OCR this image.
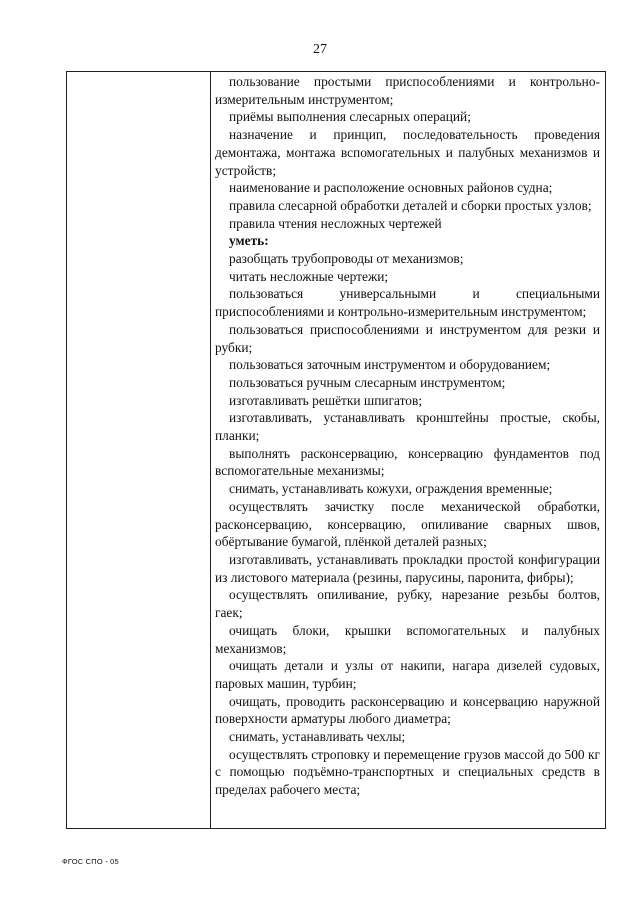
27

пользование простыми приспособлениями и контрольно-измерительным инструментом;

приёмы выполнения слесарных операций;

назначение и принцип, последовательность проведения демонтажа, монтажа вспомогательных и палубных механизмов и устройств;

наименование и расположение основных районов судна;

правила слесарной обработки деталей и сборки простых узлов;

правила чтения несложных чертежей

уметь:

разобщать трубопроводы от механизмов;

читать несложные чертежи;

пользоваться универсальными и специальными приспособлениями и контрольно-измерительным инструментом;

пользоваться приспособлениями и инструментом для резки и рубки;

пользоваться заточным инструментом и оборудованием;

пользоваться ручным слесарным инструментом;

изготавливать решётки шпигатов;

изготавливать, устанавливать кронштейны простые, скобы, планки;

выполнять расконсервацию, консервацию фундаментов под вспомогательные механизмы;

снимать, устанавливать кожухи, ограждения временные;

осуществлять зачистку после механической обработки, расконсервацию, консервацию, опиливание сварных швов, обёртывание бумагой, плёнкой деталей разных;

изготавливать, устанавливать прокладки простой конфигурации из листового материала (резины, парусины, паронита, фибры);

осуществлять опиливание, рубку, нарезание резьбы болтов, гаек;

очищать блоки, крышки вспомогательных и палубных механизмов;

очищать детали и узлы от накипи, нагара дизелей судовых, паровых машин, турбин;

очищать, проводить расконсервацию и консервацию наружной поверхности арматуры любого диаметра;

снимать, устанавливать чехлы;

осуществлять строповку и перемещение грузов массой до 500 кг с помощью подъёмно-транспортных и специальных средств в пределах рабочего места;

ФГОС СПО - 05
